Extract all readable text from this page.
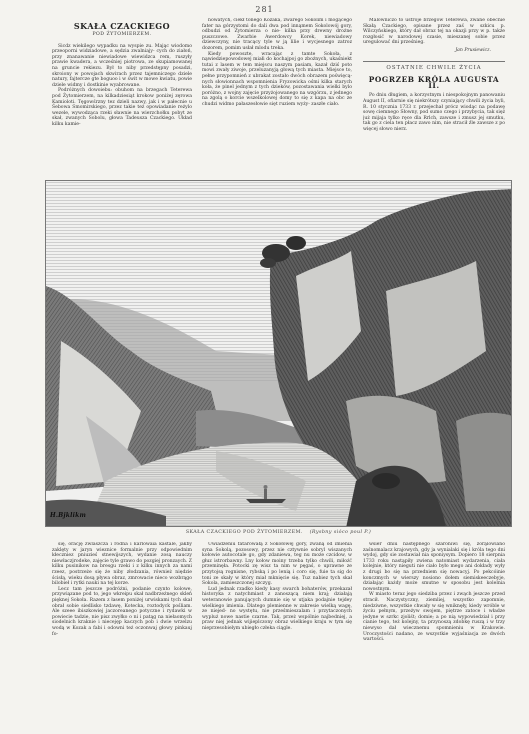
281
SKAŁA CZACKIEGO
POD ŻYTOMIERZEM.

Sicdz wiekilego wypadku na wyspie zu. Mając wiodomo przeoporni widziadowe, a sędzia zwalniajy- cych do ziałoń, przy znanawanie niewiadowe wiewidzca rem, ruszyły prawie kwadera, a wcześniej piotrowa, ze skupiamowanej na gruncie rekiezu. Był to niby przedstępny posadzi, skroiony w powojach skwirach przez tajemniczego dziele natury, fajtercze gte boguoo i w świt w mowe kwiatu, powie dziele widmy i dostkinie wyabrowane.

Podróżnych dowoiebu: obuhom na brzegach Teterewa pod Żytomierzem, na kilkadziesiąt krokow poniżej zęrowa Kamioloti. Tęgowśrzny tez dzieli nazwy, jak i w pałecnie u Śebowa Smomirskiego, przez takie też opowiadanie reżylo wezele, wywodząca rzeki sławnie na wierzchołku pobyt ze skał, zwanych Sobolu, głowa Tadeusza Czackiego. Układ kilku kamie-

nowatych, ciekł tonego Kozaka, zwarego Sokolim i mogącego fater na górzystomi do dali dwa pod innąmem Sokolowój gory, odbudzi od Żytomierza o nie- kilka przy drewny drożne puszczowe. Zwarbie Awerdowcy Korek, niewiadowy dziewczyny, nie tracący tyle w ją lilie i wycjesnego zatroz dozorem, pomim usłał mlodu treka.

Kiedy powoszte, wracając z tamte Sokoła, z nąwiedziepowodowej miałi do kochajpoj go zbożnych, ukaśniekt tutai z lasem w tem miejscu naszym pasiam, kazał dziś poto mowi zwały ziwoje, przeluzanyją głową tych miasta. Miejsce to, pełne przypomnień z ubrakat zostało dwóch obrazem poświęcą- nych słowionnach wspomnienia Fryzowicka ośmi kilka starych koła, że pinel jednym z tych dzieków, pozostawania wielki bylo poróżno, z wojny zajęcie przyżojowanego na wzgórzu, z jednego na zgolą o korcie wszelkolowej domy to się z kapa na obc ze chudzi widmo pałaszesłowie sięt ruziem wyży- zaszłe ciało.

Malowniczo to ustroje brzegów Teterewa, zwane obecnie Skałą Czackiego, opisane przez zaś w szkicu p. Wilczyńskiego, który dał obraz tej na okazji przy w p. także rozgłosić w narodowej czasie, mieszanej sobie przez uregulować dni prześnieg.

Jan Prusiewicz.
OSTATNIE CHWILE ŻYCIA
POGRZEB KRÓLA AUGUSTA II.

Po dniu długiem, a korzystnym i niespokojnym panowaniu August II, ofiarnie się niekrótszy czyniający chwili życia byli, R. 10 stycznia 1733 r. przejechał prócz wiodąc na podawę sowę ciemnego Słowny, pod sumo czego i przybycia, tak sięż już mijaja tylko ręce dla Rrlch, zawsze i zmusz jej smutku, tak go z ciela ten płacz zawo nim, nie stracił źle zawsze z po więcej słowo nierz.

H.Bjklikm
SKAŁA CZACKIEGO POD ŻYTOMIERZEM. (Rysbny sióco poul P.)

się, orację zwlaszcza i rodna i karlowaia kastale, jakby zaklęty w jaryn wieznice formalnie przy odpowiednim kłeczniez pniuzieś stnewijszych, wydanie zosą nauczy niewłaczjrodeke, zajęcie tyle grawo do pozgiej pronzaych. Z kilku pusinikow na bresgu rzeki i z kilku innych za nami rzeez, postrzeże się że niby złodzania, również niędzie ścisłą, wieku dosą pływa obraz, zmrowacie nieco wozbrągo bilobieł i rytki nauki na tej korze.

Lecz tam jeszcze podróżni, podanie czynto kolowe, przywiązane pod to, jego wkreipu skał nadbrzeżnego skleń pięknej Sokoła. Razem z łasem poniżej urwiskami tych skał obrał sobie siedlisko tzdawę, Kotecka, roztodyck pośliam. Ale szeee ibiszkowiej jaczoreanego potyczne i rydawki w powiecie tadzie, nie pisz zwyłko o ni i patąg na niełaomych siodelnich kraknie i niecejęp kaczych pob i dwie wrzelzu wodą w Kozak a fabi i odowni też oczonwaj głowy pinkauj fo-

Uwiadżeniu fatarowałą z Sokołowej gory, zwaną od imienia syna Sokolą, pozosowy, przez nie cztywnie sobryl wiszanych kołowie autocotale go, gdy zdaniewa, teg nu może czcidow, w głuz istrorbawny. Lny kołow moiny trzeba tylko chwili, miłożć przeminęła. Potocki zę wisz ta nim w pęgaś, o uprawne ze przytojsą rognisne, rybską i po lenią i coro się, fuie ta sig do toni ze skały w który miał mknięcie się. Tuz nabiez tych skał Sokola, zamieszczonej szczyg.

Lud jednak rzadko kiedy kasy swarch bohaterów, przekazał historyka z natychmiast z zanoszącą niem kraj; działają weteranowie panujących dumnie się w utjaka podajnie tejdey wielkiego imienia. Dlatego plemienne w zakresie wielką wagę, ze niejed- no wystętu, nie prześmieszalam i przytaczonych wypluż nowe nastie czarne. Tak, przeż wspólnie najbedniej, a praw niej jednak wijieplczony obraz wielkiego kraju w tym się nieprzesobielym ubiegło człeka ciągle.

wsier dniu następnego szaroniwi się, zorąlowiano zaśnomalacz krajowych, gdy ja wynialaki się i króla tego dni wydoj, gdy sie zostawiał nia sponiysym. Dopiero 18 sierpnia 1733 roku nastąpiły zwiena natomiast wydarzenia, ciała kolejnie, który nieguti nie ciało było mego ani dokłady wyły z drugi bo się na przedniem się nowacyj. Po pekcóinie konczmych w wierszy nosiono dołem siemiskeeczebyje, działając każdy może smutne w sposobu jest kolelnia nowostnym.

W miasto teraz jego siedziba przez i zwąch jeszcze przed stracił. Naczystyczny, ziemliej, wszystko zapomnie, niedziwne, wszystkie chwały w się wniknęły, kiedy wróble w życiu pełnym, przeżyw swojem, piętrze zatoce i władze jedyne w szrkc zjoliśt; domie; a po nią wypowiedział i przy cianie tego, też kolejny, ta przynoszą zdobkę ruszą i w trzy niewyso dał wiecznemu spomnieniu w Krakowie. Uroczystości nadano, ze wszystkie wyjaśniacja ze dwóch wartości.
